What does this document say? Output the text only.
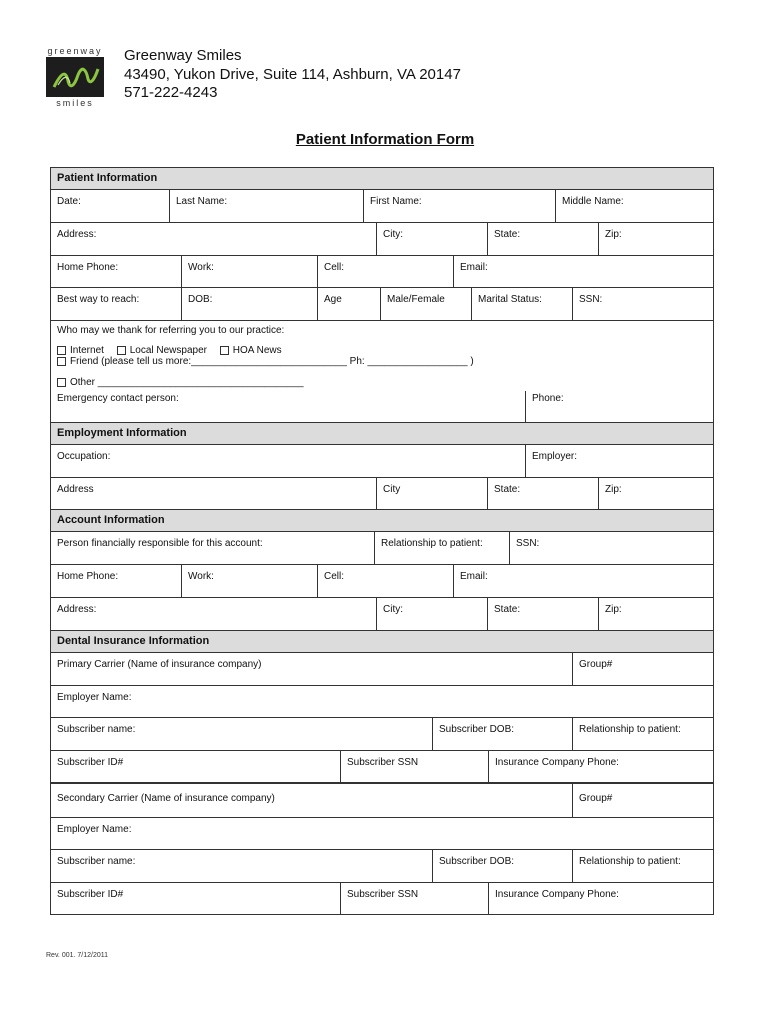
greenway
smiles
Greenway Smiles
43490, Yukon Drive, Suite 114, Ashburn, VA 20147
571-222-4243
Patient Information Form
Patient Information
Date:	Last Name:	First Name:	Middle Name:
Address:	City:	State:	Zip:
Home Phone:	Work:	Cell:	Email:
Best way to reach:	DOB:	Age	Male/Female	Marital Status:	SSN:
Who may we thank for referring you to our practice:
Internet	Local Newspaper	HOA News Friend (please tell us more:____________________________ Ph: __________________ )
Other _____________________________________
Emergency contact person:	Phone:
Employment Information
Occupation:	Employer:
Address	City	State:	Zip:
Account Information
Person financially responsible for this account:	Relationship to patient:	SSN:
Home Phone:	Work:	Cell:	Email:
Address:	City:	State:	Zip:
Dental Insurance Information
Primary Carrier (Name of insurance company)	Group#
Employer Name:
Subscriber name:	Subscriber DOB:	Relationship to patient:
Subscriber ID#	Subscriber SSN	Insurance Company Phone:
Secondary Carrier (Name of insurance company)	Group#
Employer Name:
Subscriber name:	Subscriber DOB:	Relationship to patient:
Subscriber ID#	Subscriber SSN	Insurance Company Phone:
Rev. 001. 7/12/2011
